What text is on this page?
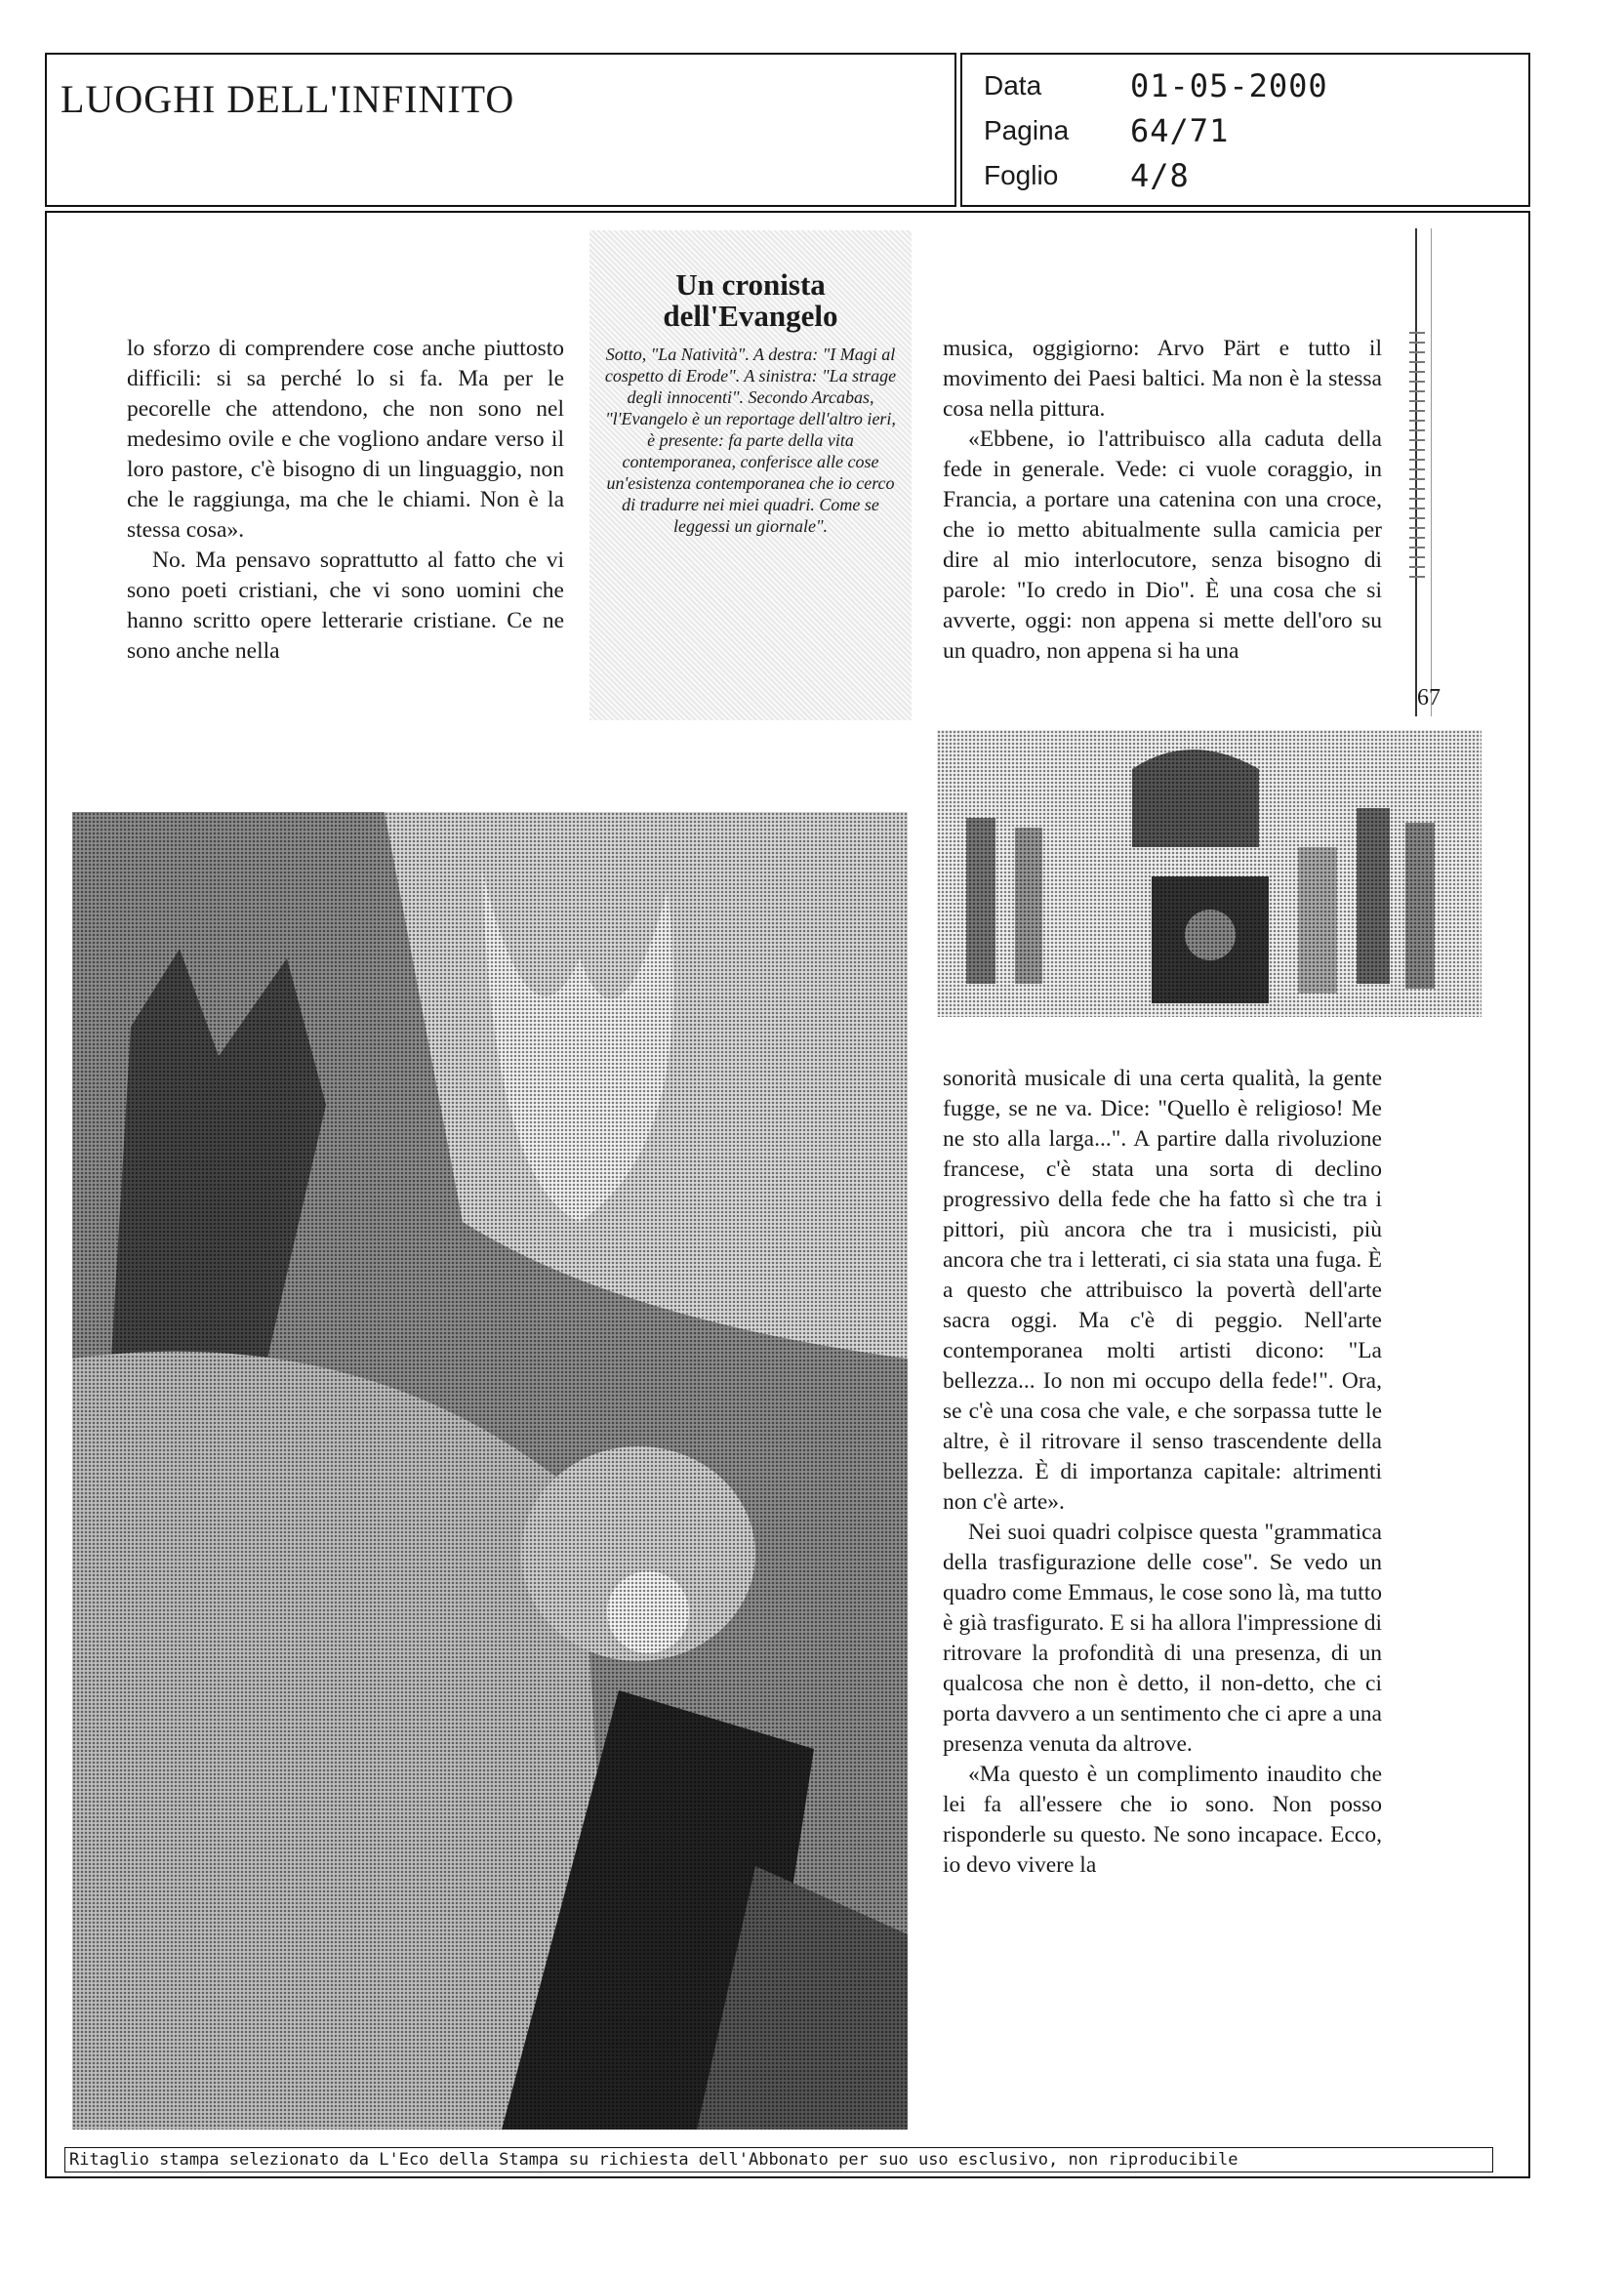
LUOGHI DELL'INFINITO	Data	01-05-2000
Pagina	64/71
Foglio	4/8

lo sforzo di comprendere cose anche piuttosto difficili: si sa perché lo si fa. Ma per le pecorelle che attendono, che non sono nel medesimo ovile e che vogliono andare verso il loro pastore, c'è bisogno di un linguaggio, non che le raggiunga, ma che le chiami. Non è la stessa cosa».

No. Ma pensavo soprattutto al fatto che vi sono poeti cristiani, che vi sono uomini che hanno scritto opere letterarie cristiane. Ce ne sono anche nella

Un cronista
dell'Evangelo
Sotto, "La Natività". A destra: "I Magi al cospetto di Erode". A sinistra: "La strage degli innocenti". Secondo Arcabas, "l'Evangelo è un reportage dell'altro ieri, è presente: fa parte della vita contemporanea, conferisce alle cose un'esistenza contemporanea che io cerco di tradurre nei miei quadri. Come se leggessi un giornale".

musica, oggigiorno: Arvo Pärt e tutto il movimento dei Paesi baltici. Ma non è la stessa cosa nella pittura.

«Ebbene, io l'attribuisco alla caduta della fede in generale. Vede: ci vuole coraggio, in Francia, a portare una catenina con una croce, che io metto abitualmente sulla camicia per dire al mio interlocutore, senza bisogno di parole: "Io credo in Dio". È una cosa che si avverte, oggi: non appena si mette dell'oro su un quadro, non appena si ha una

67

sonorità musicale di una certa qualità, la gente fugge, se ne va. Dice: "Quello è religioso! Me ne sto alla larga...". A partire dalla rivoluzione francese, c'è stata una sorta di declino progressivo della fede che ha fatto sì che tra i pittori, più ancora che tra i musicisti, più ancora che tra i letterati, ci sia stata una fuga. È a questo che attribuisco la povertà dell'arte sacra oggi. Ma c'è di peggio. Nell'arte contemporanea molti artisti dicono: "La bellezza... Io non mi occupo della fede!". Ora, se c'è una cosa che vale, e che sorpassa tutte le altre, è il ritrovare il senso trascendente della bellezza. È di importanza capitale: altrimenti non c'è arte».

Nei suoi quadri colpisce questa "grammatica della trasfigurazione delle cose". Se vedo un quadro come Emmaus, le cose sono là, ma tutto è già trasfigurato. E si ha allora l'impressione di ritrovare la profondità di una presenza, di un qualcosa che non è detto, il non-detto, che ci porta davvero a un sentimento che ci apre a una presenza venuta da altrove.

«Ma questo è un complimento inaudito che lei fa all'essere che io sono. Non posso risponderle su questo. Ne sono incapace. Ecco, io devo vivere la

Ritaglio stampa selezionato da L'Eco della Stampa su richiesta dell'Abbonato per suo uso esclusivo, non riproducibile
